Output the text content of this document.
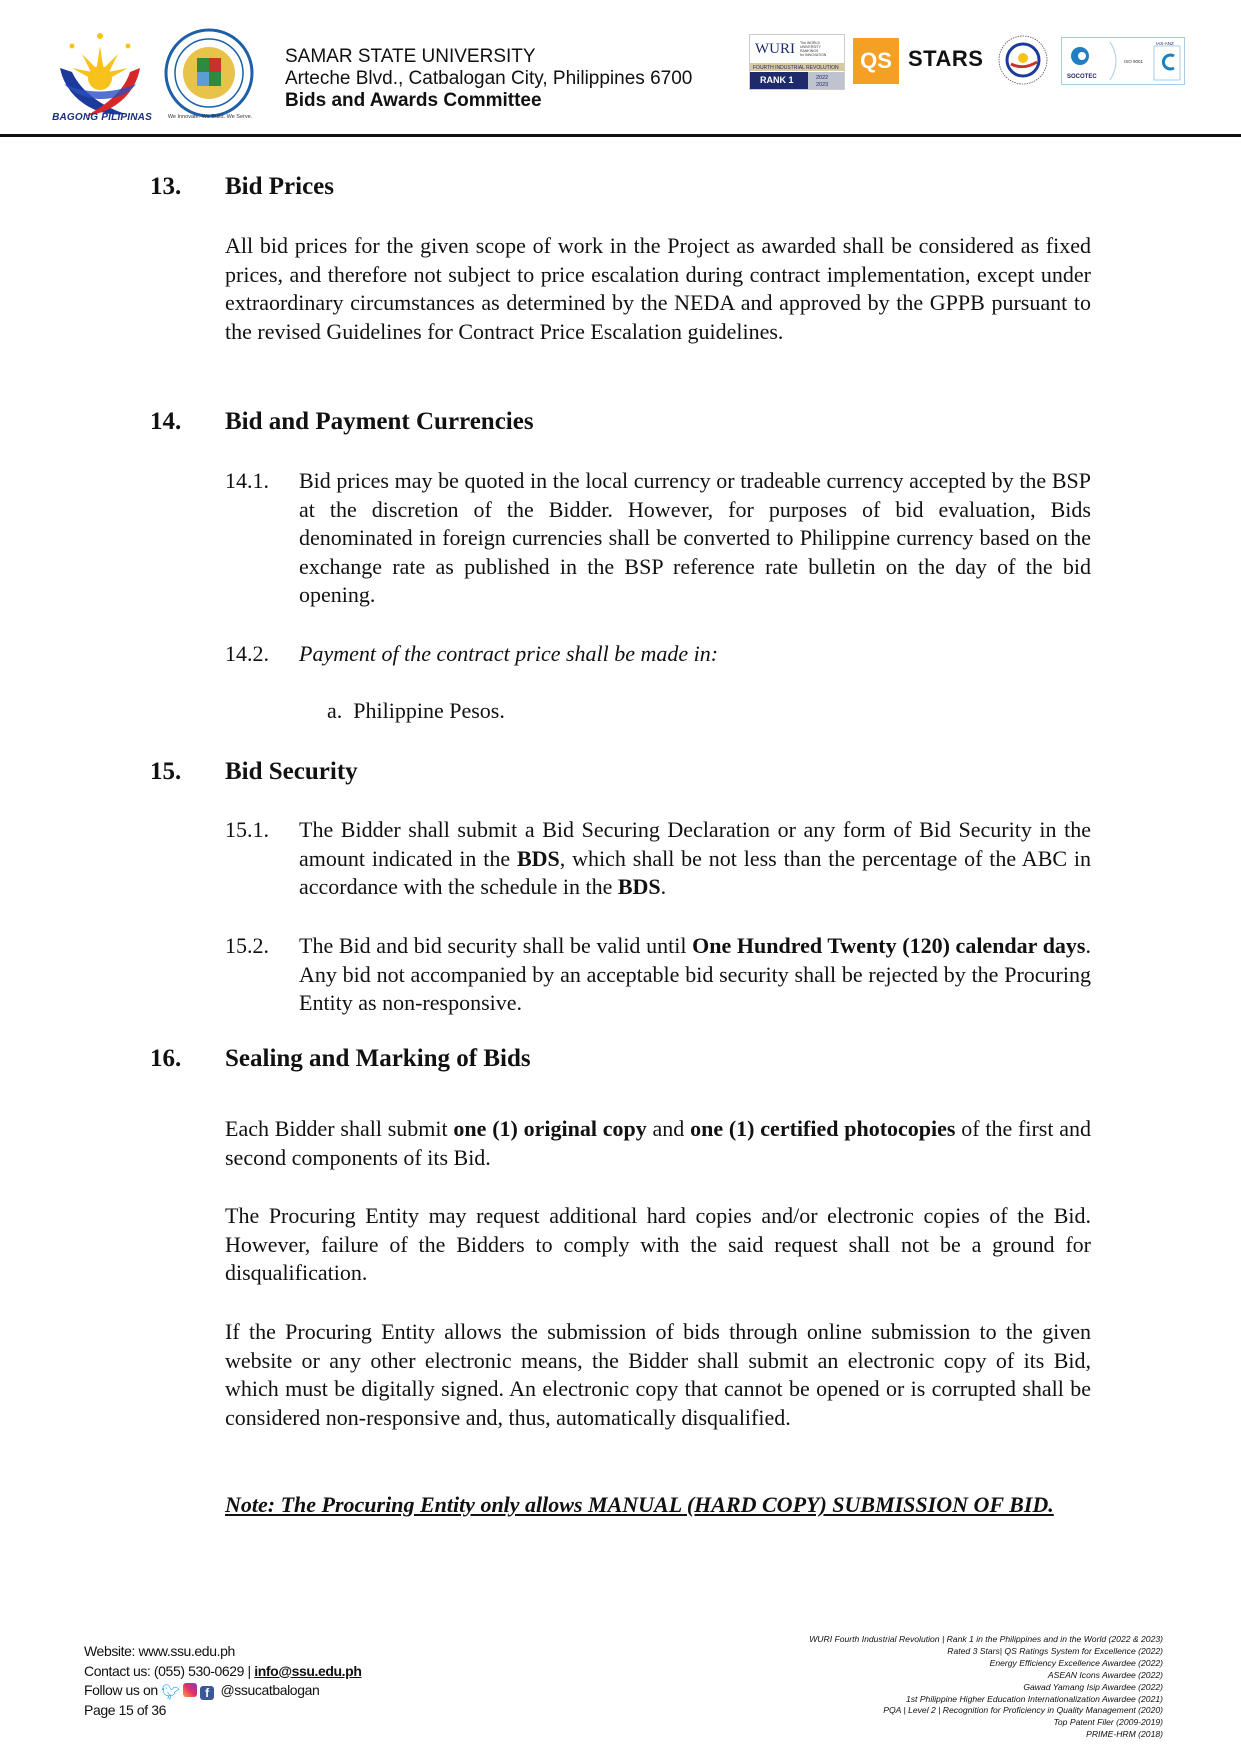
BAGONG PILIPINAS	We Innovate. We Build. We Serve.
SAMAR STATE UNIVERSITY
Arteche Blvd., Catbalogan City, Philippines 6700
Bids and Awards Committee
WURI The WORLD
UNIVERSITY
RANKINGS
for INNOVATION
FOURTH INDUSTRIAL REVOLUTION
RANK 1	2022
2023
QS STARS
SOCOTEC
ISO 9001
IAS-ANZ
13. Bid Prices
All bid prices for the given scope of work in the Project as awarded shall be considered as fixed prices, and therefore not subject to price escalation during contract implementation, except under extraordinary circumstances as determined by the NEDA and approved by the GPPB pursuant to the revised Guidelines for Contract Price Escalation guidelines.
14. Bid and Payment Currencies
14.1. Bid prices may be quoted in the local currency or tradeable currency accepted by the BSP at the discretion of the Bidder. However, for purposes of bid evaluation, Bids denominated in foreign currencies shall be converted to Philippine currency based on the exchange rate as published in the BSP reference rate bulletin on the day of the bid opening.
14.2. Payment of the contract price shall be made in:
a. Philippine Pesos.
15. Bid Security
15.1. The Bidder shall submit a Bid Securing Declaration or any form of Bid Security in the amount indicated in the BDS, which shall be not less than the percentage of the ABC in accordance with the schedule in the BDS.
15.2. The Bid and bid security shall be valid until One Hundred Twenty (120) calendar days. Any bid not accompanied by an acceptable bid security shall be rejected by the Procuring Entity as non-responsive.
16. Sealing and Marking of Bids
Each Bidder shall submit one (1) original copy and one (1) certified photocopies of the first and second components of its Bid.
The Procuring Entity may request additional hard copies and/or electronic copies of the Bid. However, failure of the Bidders to comply with the said request shall not be a ground for disqualification.
If the Procuring Entity allows the submission of bids through online submission to the given website or any other electronic means, the Bidder shall submit an electronic copy of its Bid, which must be digitally signed. An electronic copy that cannot be opened or is corrupted shall be considered non-responsive and, thus, automatically disqualified.
Note: The Procuring Entity only allows MANUAL (HARD COPY) SUBMISSION OF BID.
Website: www.ssu.edu.ph
Contact us: (055) 530-0629 | info@ssu.edu.ph
Follow us on 🐦︎ f @ssucatbalogan
Page 15 of 36
WURI Fourth Industrial Revolution | Rank 1 in the Philippines and in the World (2022 & 2023)
Rated 3 Stars| QS Ratings System for Excellence (2022)
Energy Efficiency Excellence Awardee (2022)
ASEAN Icons Awardee (2022)
Gawad Yamang Isip Awardee (2022)
1st Philippine Higher Education Internationalization Awardee (2021)
PQA | Level 2 | Recognition for Proficiency in Quality Management (2020)
Top Patent Filer (2009-2019)
PRIME-HRM (2018)
